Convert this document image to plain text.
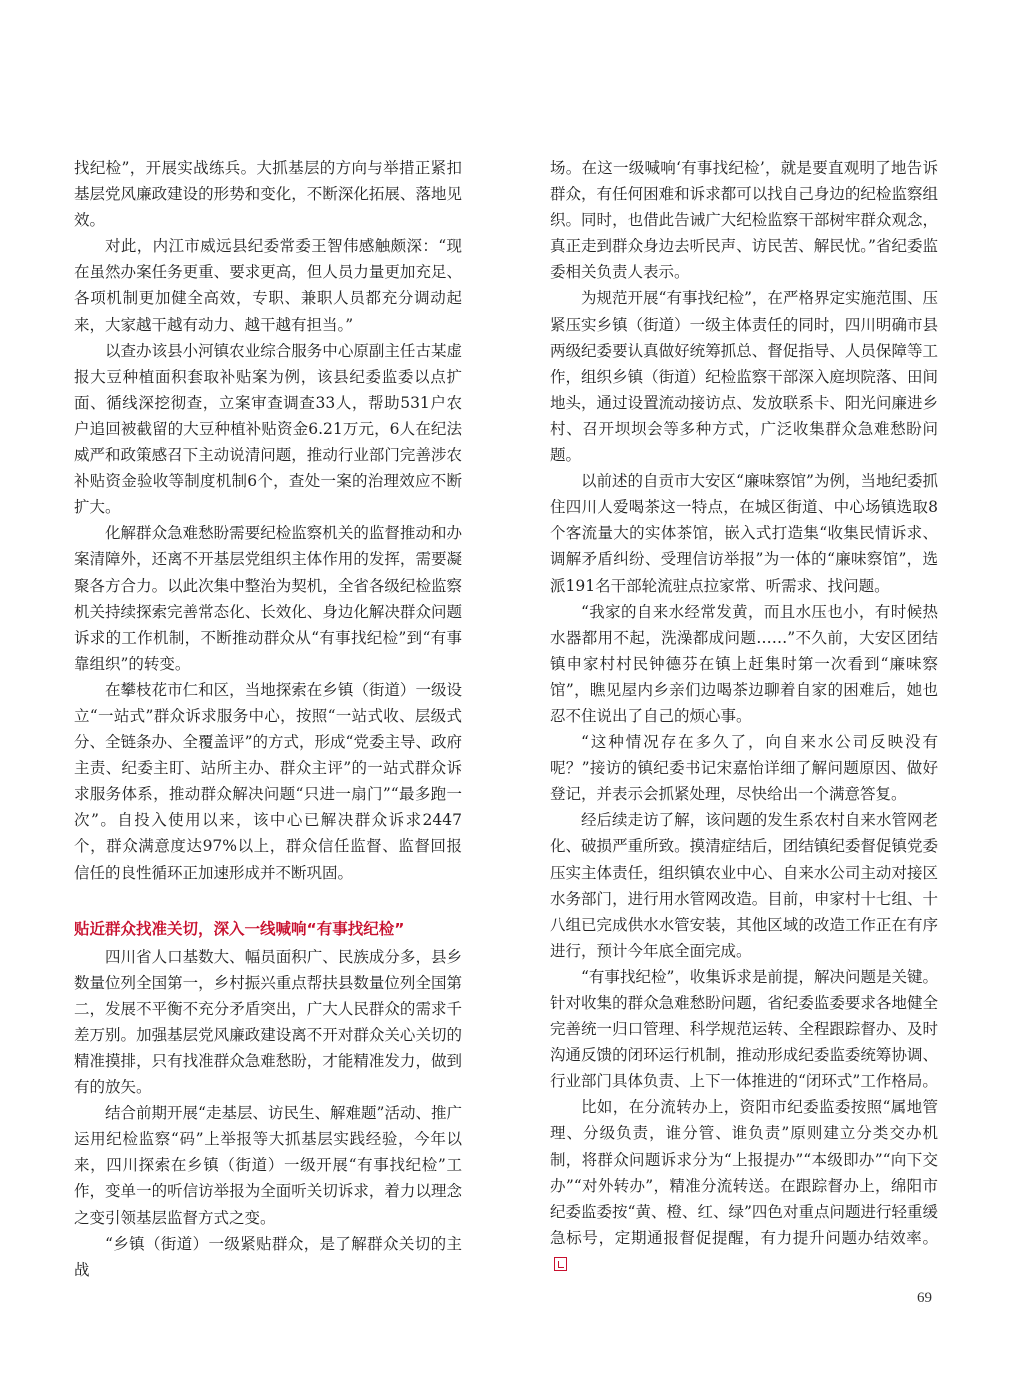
找纪检”，开展实战练兵。大抓基层的方向与举措正紧扣基层党风廉政建设的形势和变化，不断深化拓展、落地见效。

对此，内江市威远县纪委常委王智伟感触颇深：“现在虽然办案任务更重、要求更高，但人员力量更加充足、各项机制更加健全高效，专职、兼职人员都充分调动起来，大家越干越有动力、越干越有担当。”

以查办该县小河镇农业综合服务中心原副主任古某虚报大豆种植面积套取补贴案为例，该县纪委监委以点扩面、循线深挖彻查，立案审查调查33人，帮助531户农户追回被截留的大豆种植补贴资金6.21万元，6人在纪法威严和政策感召下主动说清问题，推动行业部门完善涉农补贴资金验收等制度机制6个，查处一案的治理效应不断扩大。

化解群众急难愁盼需要纪检监察机关的监督推动和办案清障外，还离不开基层党组织主体作用的发挥，需要凝聚各方合力。以此次集中整治为契机，全省各级纪检监察机关持续探索完善常态化、长效化、身边化解决群众问题诉求的工作机制，不断推动群众从“有事找纪检”到“有事靠组织”的转变。

在攀枝花市仁和区，当地探索在乡镇（街道）一级设立“一站式”群众诉求服务中心，按照“一站式收、层级式分、全链条办、全覆盖评”的方式，形成“党委主导、政府主责、纪委主盯、站所主办、群众主评”的一站式群众诉求服务体系，推动群众解决问题“只进一扇门”“最多跑一次”。自投入使用以来，该中心已解决群众诉求2447个，群众满意度达97%以上，群众信任监督、监督回报信任的良性循环正加速形成并不断巩固。

贴近群众找准关切，深入一线喊响“有事找纪检”

四川省人口基数大、幅员面积广、民族成分多，县乡数量位列全国第一，乡村振兴重点帮扶县数量位列全国第二，发展不平衡不充分矛盾突出，广大人民群众的需求千差万别。加强基层党风廉政建设离不开对群众关心关切的精准摸排，只有找准群众急难愁盼，才能精准发力，做到有的放矢。

结合前期开展“走基层、访民生、解难题”活动、推广运用纪检监察“码”上举报等大抓基层实践经验，今年以来，四川探索在乡镇（街道）一级开展“有事找纪检”工作，变单一的听信访举报为全面听关切诉求，着力以理念之变引领基层监督方式之变。

“乡镇（街道）一级紧贴群众，是了解群众关切的主战

场。在这一级喊响‘有事找纪检’，就是要直观明了地告诉群众，有任何困难和诉求都可以找自己身边的纪检监察组织。同时，也借此告诫广大纪检监察干部树牢群众观念，真正走到群众身边去听民声、访民苦、解民忧。”省纪委监委相关负责人表示。

为规范开展“有事找纪检”，在严格界定实施范围、压紧压实乡镇（街道）一级主体责任的同时，四川明确市县两级纪委要认真做好统筹抓总、督促指导、人员保障等工作，组织乡镇（街道）纪检监察干部深入庭坝院落、田间地头，通过设置流动接访点、发放联系卡、阳光问廉进乡村、召开坝坝会等多种方式，广泛收集群众急难愁盼问题。

以前述的自贡市大安区“廉味察馆”为例，当地纪委抓住四川人爱喝茶这一特点，在城区街道、中心场镇选取8个客流量大的实体茶馆，嵌入式打造集“收集民情诉求、调解矛盾纠纷、受理信访举报”为一体的“廉味察馆”，选派191名干部轮流驻点拉家常、听需求、找问题。

“我家的自来水经常发黄，而且水压也小，有时候热水器都用不起，洗澡都成问题……”不久前，大安区团结镇申家村村民钟德芬在镇上赶集时第一次看到“廉味察馆”，瞧见屋内乡亲们边喝茶边聊着自家的困难后，她也忍不住说出了自己的烦心事。

“这种情况存在多久了，向自来水公司反映没有呢？”接访的镇纪委书记宋嘉怡详细了解问题原因、做好登记，并表示会抓紧处理，尽快给出一个满意答复。

经后续走访了解，该问题的发生系农村自来水管网老化、破损严重所致。摸清症结后，团结镇纪委督促镇党委压实主体责任，组织镇农业中心、自来水公司主动对接区水务部门，进行用水管网改造。目前，申家村十七组、十八组已完成供水水管安装，其他区域的改造工作正在有序进行，预计今年底全面完成。

“有事找纪检”，收集诉求是前提，解决问题是关键。针对收集的群众急难愁盼问题，省纪委监委要求各地健全完善统一归口管理、科学规范运转、全程跟踪督办、及时沟通反馈的闭环运行机制，推动形成纪委监委统筹协调、行业部门具体负责、上下一体推进的“闭环式”工作格局。

比如，在分流转办上，资阳市纪委监委按照“属地管理、分级负责，谁分管、谁负责”原则建立分类交办机制，将群众问题诉求分为“上报提办”“本级即办”“向下交办”“对外转办”，精准分流转送。在跟踪督办上，绵阳市纪委监委按“黄、橙、红、绿”四色对重点问题进行轻重缓急标号，定期通报督促提醒，有力提升问题办结效率。

69
